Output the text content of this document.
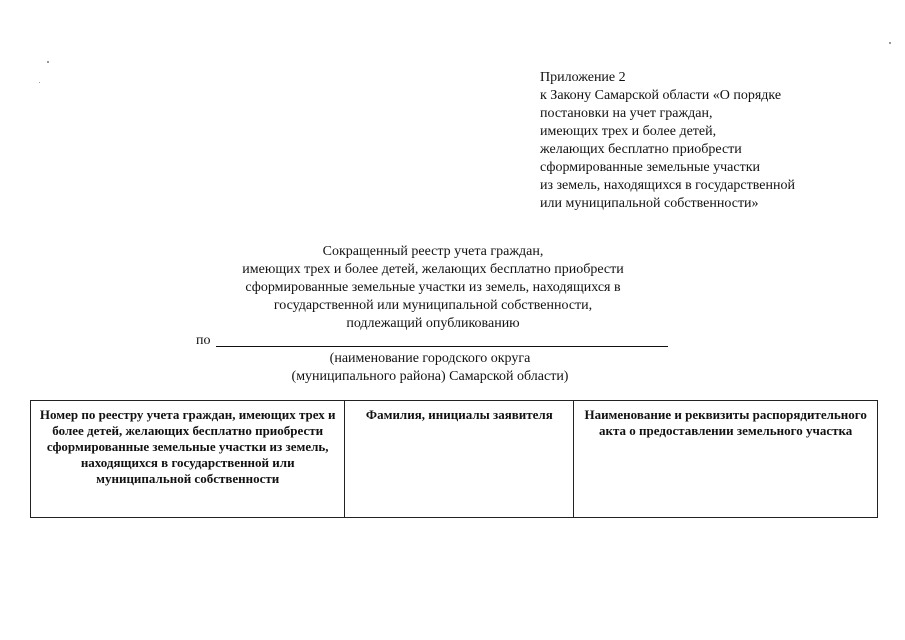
Приложение 2
к Закону Самарской области «О порядке
постановки на учет граждан,
имеющих трех и более детей,
желающих бесплатно приобрести
сформированные земельные участки
из земель, находящихся в государственной
или муниципальной собственности»
Сокращенный реестр учета граждан,
имеющих трех и более детей, желающих бесплатно приобрести
сформированные земельные участки из земель, находящихся в
государственной или муниципальной собственности,
подлежащий опубликованию
по
(наименование городского округа
(муниципального района) Самарской области)
Номер по реестру учета граждан, имеющих трех и более детей, желающих бесплатно приобрести сформированные земельные участки из земель, находящихся в государственной или муниципальной собственности	Фамилия, инициалы заявителя	Наименование и реквизиты распорядительного акта о предоставлении земельного участка
